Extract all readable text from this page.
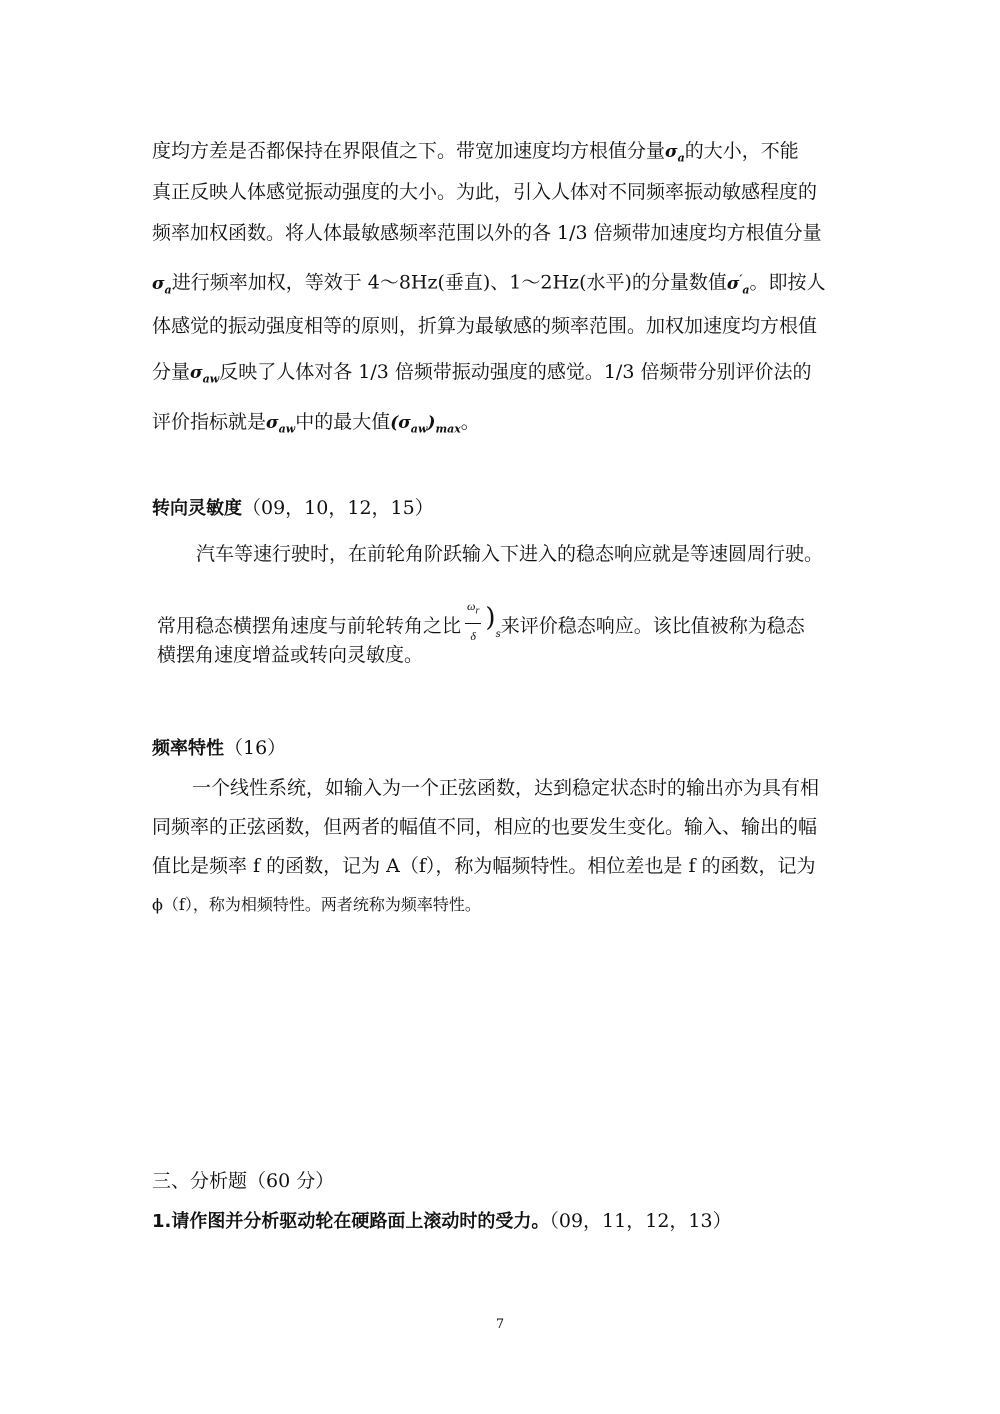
度均方差是否都保持在界限值之下。带宽加速度均方根值分量$\sigma_a$的大小，不能
真正反映人体感觉振动强度的大小。为此，引入人体对不同频率振动敏感程度的
频率加权函数。将人体最敏感频率范围以外的各 1/3 倍频带加速度均方根值分量
$\sigma_a$进行频率加权，等效于 4～8Hz(垂直)、1～2Hz(水平)的分量数值$\sigma'_a$。即按人
体感觉的振动强度相等的原则，折算为最敏感的频率范围。加权加速度均方根值
分量$\sigma_{aw}$反映了人体对各 1/3 倍频带振动强度的感觉。1/3 倍频带分别评价法的
评价指标就是$\sigma_{aw}$中的最大值$(\sigma_{aw})_{max}$。
转向灵敏度（09，10，12，15）
汽车等速行驶时，在前轮角阶跃输入下进入的稳态响应就是等速圆周行驶。
常用稳态横摆角速度与前轮转角之比 $\frac{\omega_r}{\delta} )_s$来评价稳态响应。该比值被称为稳态
横摆角速度增益或转向灵敏度。
频率特性（16）
一个线性系统，如输入为一个正弦函数，达到稳定状态时的输出亦为具有相
同频率的正弦函数，但两者的幅值不同，相应的也要发生变化。输入、输出的幅
值比是频率 f 的函数，记为 A（f），称为幅频特性。相位差也是 f 的函数，记为
ϕ（f），称为相频特性。两者统称为频率特性。
三、分析题（60 分）
1.请作图并分析驱动轮在硬路面上滚动时的受力。（09，11，12，13）
7
